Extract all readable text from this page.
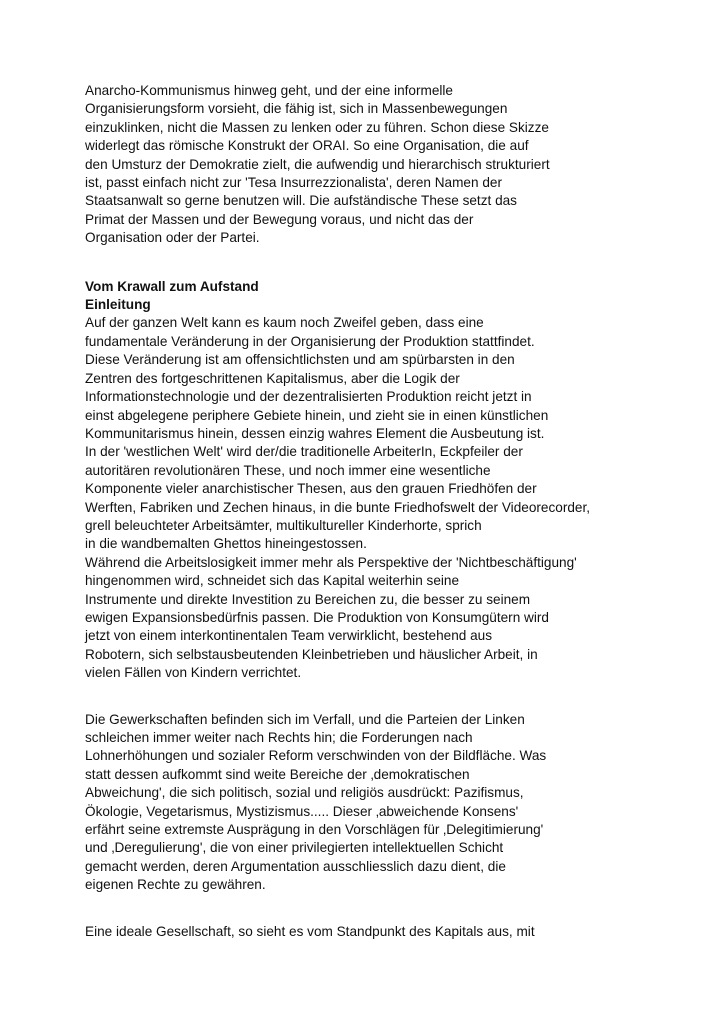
Anarcho-Kommunismus hinweg geht, und der eine informelle
Organisierungsform vorsieht, die fähig ist, sich in Massenbewegungen
einzuklinken, nicht die Massen zu lenken oder zu führen. Schon diese Skizze
widerlegt das römische Konstrukt der ORAI. So eine Organisation, die auf
den Umsturz der Demokratie zielt, die aufwendig und hierarchisch strukturiert
ist, passt einfach nicht zur 'Tesa Insurrezzionalista', deren Namen der
Staatsanwalt so gerne benutzen will. Die aufständische These setzt das
Primat der Massen und der Bewegung voraus, und nicht das der
Organisation oder der Partei.
Vom Krawall zum Aufstand
Einleitung
Auf der ganzen Welt kann es kaum noch Zweifel geben, dass eine
fundamentale Veränderung in der Organisierung der Produktion stattfindet.
Diese Veränderung ist am offensichtlichsten und am spürbarsten in den
Zentren des fortgeschrittenen Kapitalismus, aber die Logik der
Informationstechnologie und der dezentralisierten Produktion reicht jetzt in
einst abgelegene periphere Gebiete hinein, und zieht sie in einen künstlichen
Kommunitarismus hinein, dessen einzig wahres Element die Ausbeutung ist.
In der 'westlichen Welt' wird der/die traditionelle ArbeiterIn, Eckpfeiler der
autoritären revolutionären These, und noch immer eine wesentliche
Komponente vieler anarchistischer Thesen, aus den grauen Friedhöfen der
Werften, Fabriken und Zechen hinaus, in die bunte Friedhofswelt der Videorecorder,
grell beleuchteter Arbeitsämter, multikultureller Kinderhorte, sprich
in die wandbemalten Ghettos hineingestossen.
Während die Arbeitslosigkeit immer mehr als Perspektive der 'Nichtbeschäftigung'
hingenommen wird, schneidet sich das Kapital weiterhin seine
Instrumente und direkte Investition zu Bereichen zu, die besser zu seinem
ewigen Expansionsbedürfnis passen. Die Produktion von Konsumgütern wird
jetzt von einem interkontinentalen Team verwirklicht, bestehend aus
Robotern, sich selbstausbeutenden Kleinbetrieben und häuslicher Arbeit, in
vielen Fällen von Kindern verrichtet.
Die Gewerkschaften befinden sich im Verfall, und die Parteien der Linken
schleichen immer weiter nach Rechts hin; die Forderungen nach
Lohnerhöhungen und sozialer Reform verschwinden von der Bildfläche. Was
statt dessen aufkommt sind weite Bereiche der ‚demokratischen
Abweichung', die sich politisch, sozial und religiös ausdrückt: Pazifismus,
Ökologie, Vegetarismus, Mystizismus..... Dieser ‚abweichende Konsens'
erfährt seine extremste Ausprägung in den Vorschlägen für ‚Delegitimierung'
und ‚Deregulierung', die von einer privilegierten intellektuellen Schicht
gemacht werden, deren Argumentation ausschliesslich dazu dient, die
eigenen Rechte zu gewähren.
Eine ideale Gesellschaft, so sieht es vom Standpunkt des Kapitals aus, mit
